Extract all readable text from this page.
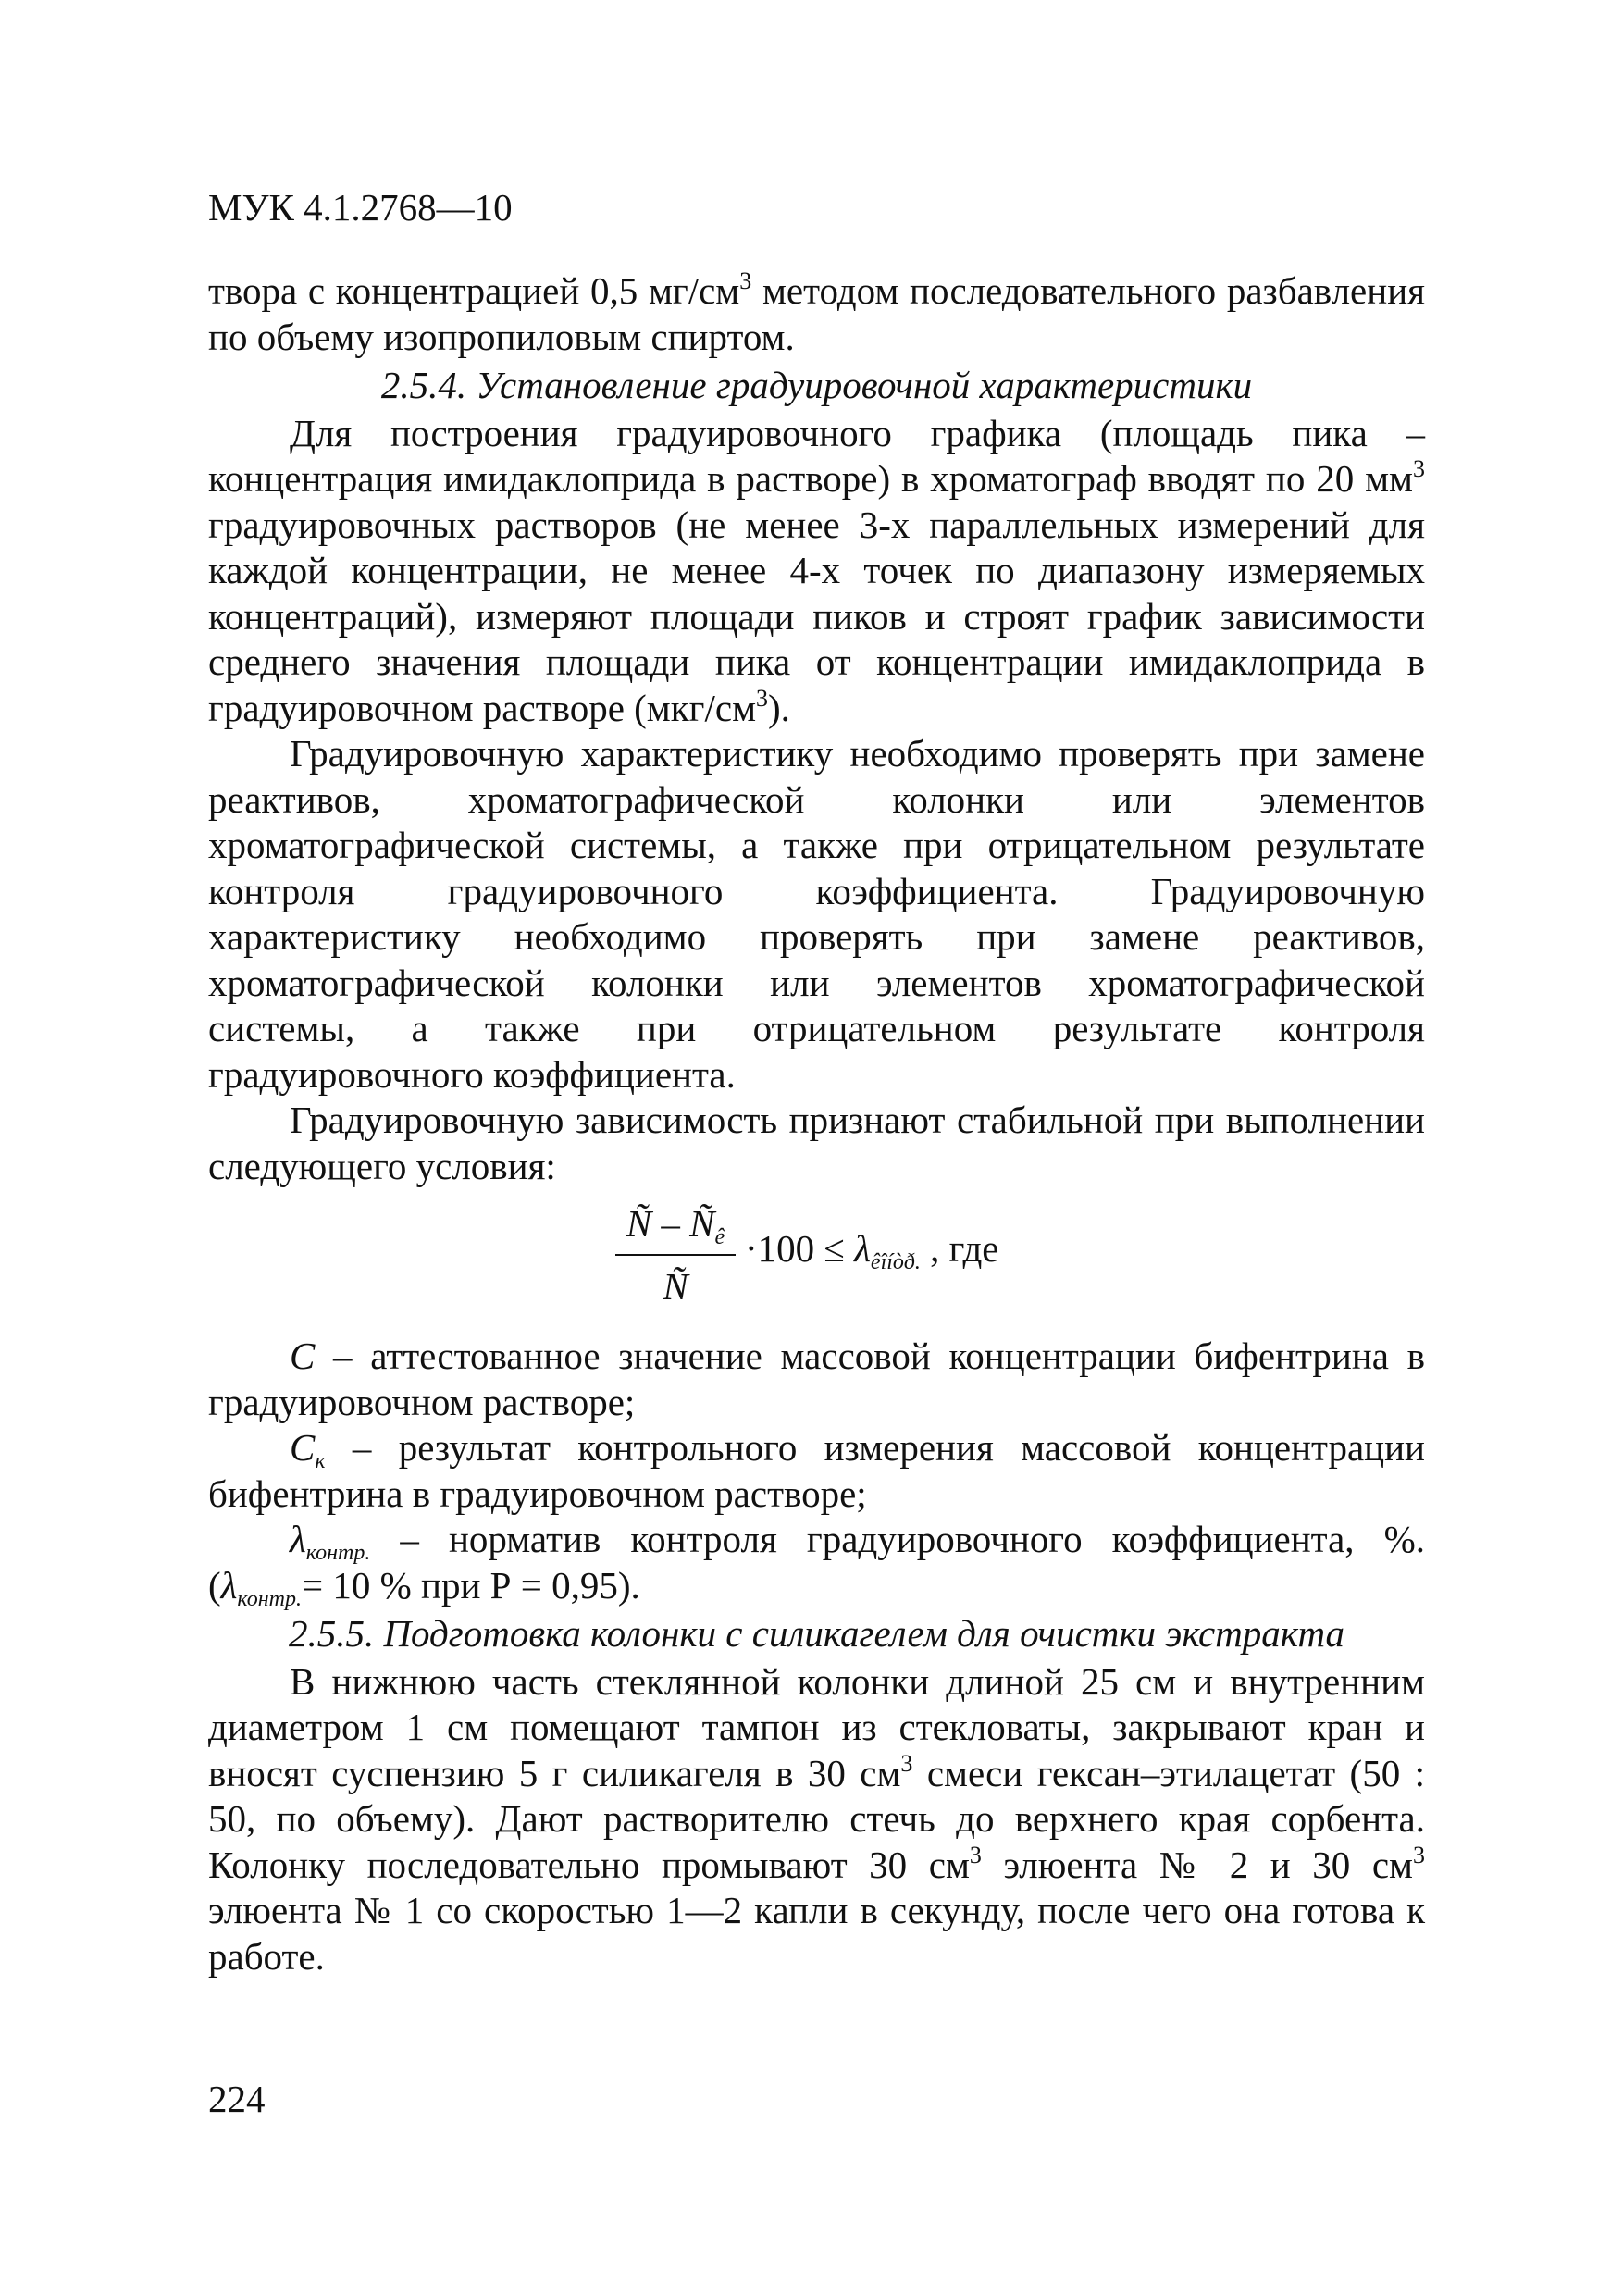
МУК 4.1.2768—10

твора с концентрацией 0,5 $мг/см^3$ методом последовательного разбавления по объему изопропиловым спиртом.

2.5.4. Установление градуировочной характеристики

Для построения градуировочного графика (площадь пика – концентрация имидаклоприда в растворе) в хроматограф вводят по 20 $мм^3$ градуировочных растворов (не менее 3-х параллельных измерений для каждой концентрации, не менее 4-х точек по диапазону измеряемых концентраций), измеряют площади пиков и строят график зависимости среднего значения площади пика от концентрации имидаклоприда в градуировочном растворе $(мкг/см^3)$.

Градуировочную характеристику необходимо проверять при замене реактивов, хроматографической колонки или элементов хроматографической системы, а также при отрицательном результате контроля градуировочного коэффициента. Градуировочную характеристику необходимо проверять при замене реактивов, хроматографической колонки или элементов хроматографической системы, а также при отрицательном результате контроля градуировочного коэффициента.

Градуировочную зависимость признают стабильной при выполнении следующего условия:

Ñ – $Ñ_ê$
Ñ
$\cdot 100 \le \lambda_{êîíòð.}$ , где

С – аттестованное значение массовой концентрации бифентрина в градуировочном растворе;

$С_к$ – результат контрольного измерения массовой концентрации бифентрина в градуировочном растворе;

$\lambda_{контр.}$ – норматив контроля градуировочного коэффициента, %. ($\lambda_{контр.}= 10$ % при Р = 0,95).

2.5.5. Подготовка колонки с силикагелем для очистки экстракта

В нижнюю часть стеклянной колонки длиной 25 см и внутренним диаметром 1 см помещают тампон из стекловаты, закрывают кран и вносят суспензию 5 г силикагеля в 30 $см^3$ смеси гексан–этилацетат (50 : 50, по объему). Дают растворителю стечь до верхнего края сорбента. Колонку последовательно промывают 30 $см^3$ элюента № 2 и 30 $см^3$ элюента № 1 со скоростью 1—2 капли в секунду, после чего она готова к работе.

224
